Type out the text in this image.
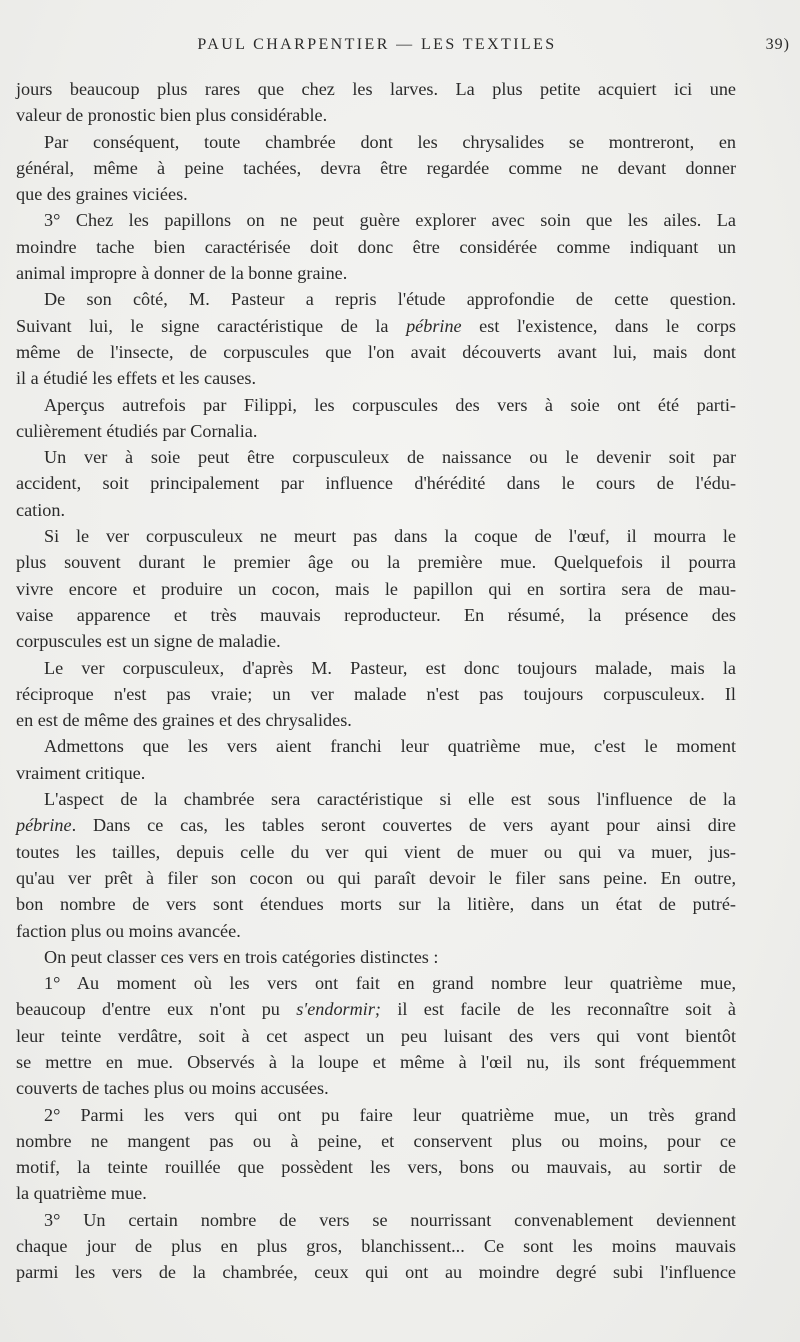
PAUL CHARPENTIER — LES TEXTILES	39)
jours beaucoup plus rares que chez les larves. La plus petite acquiert ici une
valeur de pronostic bien plus considérable.
Par conséquent, toute chambrée dont les chrysalides se montreront, en
général, même à peine tachées, devra être regardée comme ne devant donner
que des graines viciées.
3° Chez les papillons on ne peut guère explorer avec soin que les ailes. La
moindre tache bien caractérisée doit donc être considérée comme indiquant un
animal impropre à donner de la bonne graine.
De son côté, M. Pasteur a repris l'étude approfondie de cette question.
Suivant lui, le signe caractéristique de la pébrine est l'existence, dans le corps
même de l'insecte, de corpuscules que l'on avait découverts avant lui, mais dont
il a étudié les effets et les causes.
Aperçus autrefois par Filippi, les corpuscules des vers à soie ont été parti-
culièrement étudiés par Cornalia.
Un ver à soie peut être corpusculeux de naissance ou le devenir soit par
accident, soit principalement par influence d'hérédité dans le cours de l'édu-
cation.
Si le ver corpusculeux ne meurt pas dans la coque de l'œuf, il mourra le
plus souvent durant le premier âge ou la première mue. Quelquefois il pourra
vivre encore et produire un cocon, mais le papillon qui en sortira sera de mau-
vaise apparence et très mauvais reproducteur. En résumé, la présence des
corpuscules est un signe de maladie.
Le ver corpusculeux, d'après M. Pasteur, est donc toujours malade, mais la
réciproque n'est pas vraie; un ver malade n'est pas toujours corpusculeux. Il
en est de même des graines et des chrysalides.
Admettons que les vers aient franchi leur quatrième mue, c'est le moment
vraiment critique.
L'aspect de la chambrée sera caractéristique si elle est sous l'influence de la
pébrine. Dans ce cas, les tables seront couvertes de vers ayant pour ainsi dire
toutes les tailles, depuis celle du ver qui vient de muer ou qui va muer, jus-
qu'au ver prêt à filer son cocon ou qui paraît devoir le filer sans peine. En outre,
bon nombre de vers sont étendues morts sur la litière, dans un état de putré-
faction plus ou moins avancée.
On peut classer ces vers en trois catégories distinctes :
1° Au moment où les vers ont fait en grand nombre leur quatrième mue,
beaucoup d'entre eux n'ont pu s'endormir; il est facile de les reconnaître soit à
leur teinte verdâtre, soit à cet aspect un peu luisant des vers qui vont bientôt
se mettre en mue. Observés à la loupe et même à l'œil nu, ils sont fréquemment
couverts de taches plus ou moins accusées.
2° Parmi les vers qui ont pu faire leur quatrième mue, un très grand
nombre ne mangent pas ou à peine, et conservent plus ou moins, pour ce
motif, la teinte rouillée que possèdent les vers, bons ou mauvais, au sortir de
la quatrième mue.
3° Un certain nombre de vers se nourrissant convenablement deviennent
chaque jour de plus en plus gros, blanchissent... Ce sont les moins mauvais
parmi les vers de la chambrée, ceux qui ont au moindre degré subi l'influence
